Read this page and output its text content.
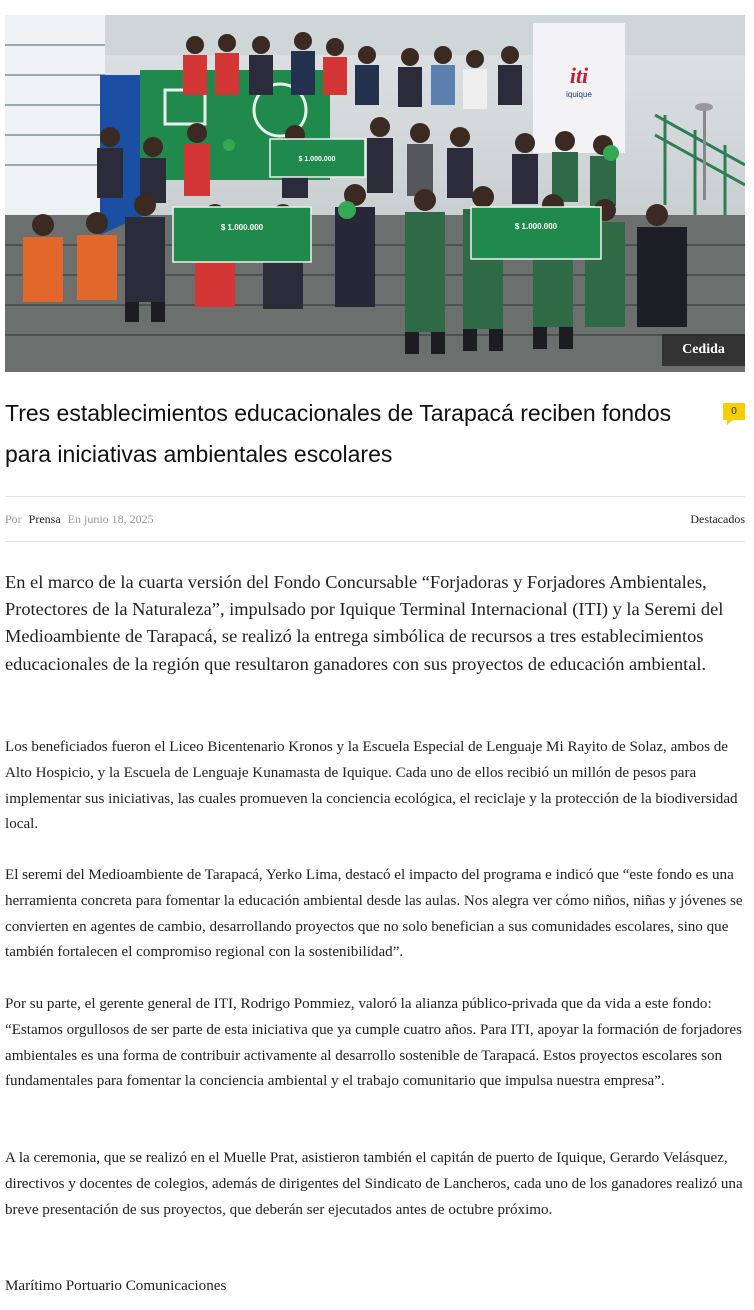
iti
iquique
$ 1.000.000
$ 1.000.000	$ 1.000.000
Cedida
Tres establecimientos educacionales de Tarapacá reciben fondos para iniciativas ambientales escolares
0
Por Prensa En junio 18, 2025	Destacados

En el marco de la cuarta versión del Fondo Concursable “Forjadoras y Forjadores Ambientales, Protectores de la Naturaleza”, impulsado por Iquique Terminal Internacional (ITI) y la Seremi del Medioambiente de Tarapacá, se realizó la entrega simbólica de recursos a tres establecimientos educacionales de la región que resultaron ganadores con sus proyectos de educación ambiental.

Los beneficiados fueron el Liceo Bicentenario Kronos y la Escuela Especial de Lenguaje Mi Rayito de Solaz, ambos de Alto Hospicio, y la Escuela de Lenguaje Kunamasta de Iquique. Cada uno de ellos recibió un millón de pesos para implementar sus iniciativas, las cuales promueven la conciencia ecológica, el reciclaje y la protección de la biodiversidad local.

El seremi del Medioambiente de Tarapacá, Yerko Lima, destacó el impacto del programa e indicó que “este fondo es una herramienta concreta para fomentar la educación ambiental desde las aulas. Nos alegra ver cómo niños, niñas y jóvenes se convierten en agentes de cambio, desarrollando proyectos que no solo benefician a sus comunidades escolares, sino que también fortalecen el compromiso regional con la sostenibilidad”.

Por su parte, el gerente general de ITI, Rodrigo Pommiez, valoró la alianza público-privada que da vida a este fondo: “Estamos orgullosos de ser parte de esta iniciativa que ya cumple cuatro años. Para ITI, apoyar la formación de forjadores ambientales es una forma de contribuir activamente al desarrollo sostenible de Tarapacá. Estos proyectos escolares son fundamentales para fomentar la conciencia ambiental y el trabajo comunitario que impulsa nuestra empresa”.

A la ceremonia, que se realizó en el Muelle Prat, asistieron también el capitán de puerto de Iquique, Gerardo Velásquez, directivos y docentes de colegios, además de dirigentes del Sindicato de Lancheros, cada uno de los ganadores realizó una breve presentación de sus proyectos, que deberán ser ejecutados antes de octubre próximo.

Marítimo Portuario Comunicaciones
